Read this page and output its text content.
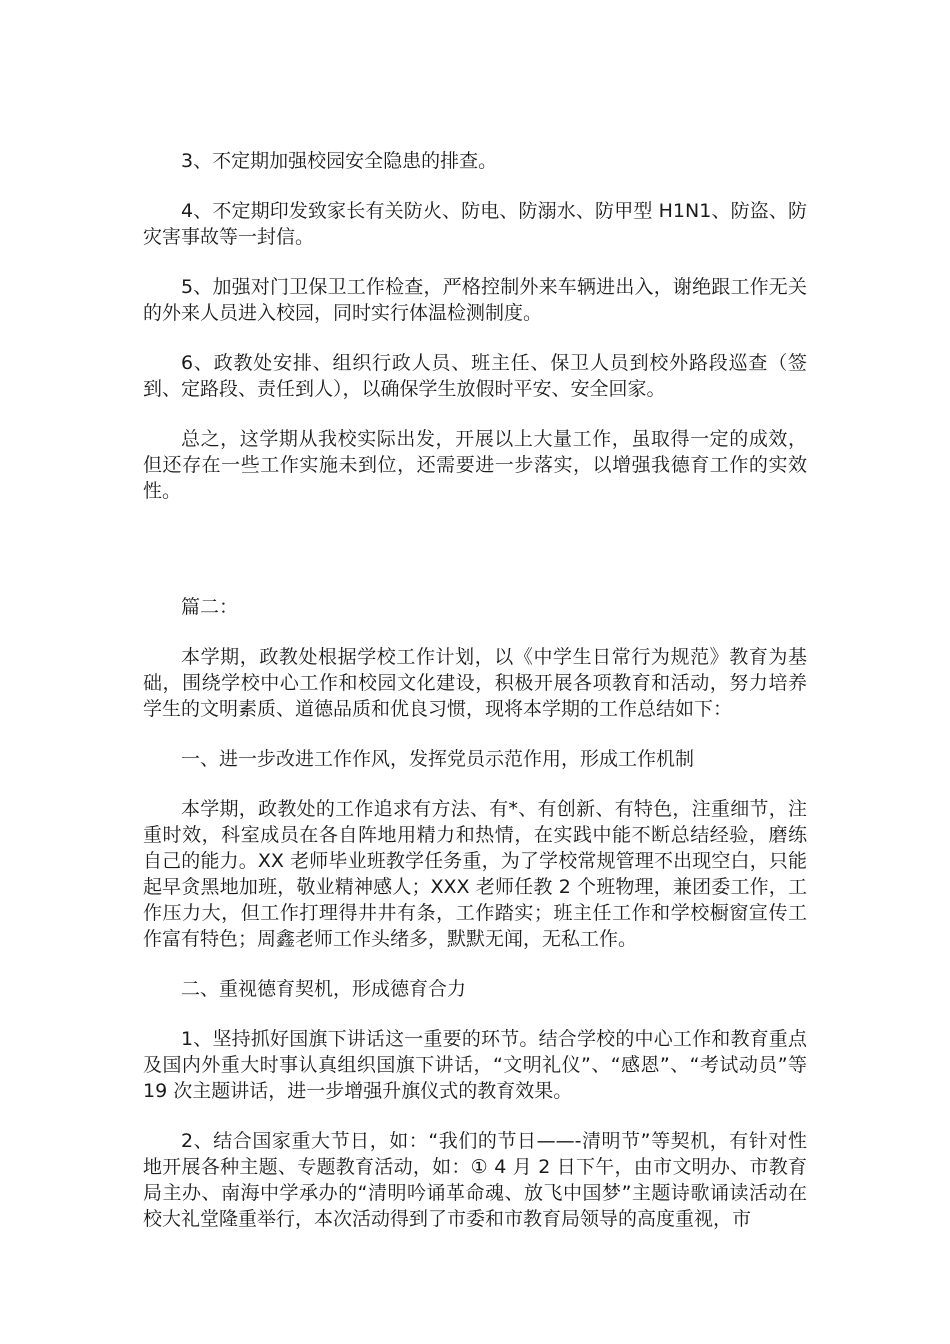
3、不定期加强校园安全隐患的排查。

4、不定期印发致家长有关防火、防电、防溺水、防甲型 H1N1、防盗、防灾害事故等一封信。

5、加强对门卫保卫工作检查，严格控制外来车辆进出入，谢绝跟工作无关的外来人员进入校园，同时实行体温检测制度。

6、政教处安排、组织行政人员、班主任、保卫人员到校外路段巡查（签到、定路段、责任到人），以确保学生放假时平安、安全回家。

总之，这学期从我校实际出发，开展以上大量工作，虽取得一定的成效，但还存在一些工作实施未到位，还需要进一步落实，以增强我德育工作的实效性。

篇二：

本学期，政教处根据学校工作计划，以《中学生日常行为规范》教育为基础，围绕学校中心工作和校园文化建设，积极开展各项教育和活动，努力培养学生的文明素质、道德品质和优良习惯，现将本学期的工作总结如下：

一、进一步改进工作作风，发挥党员示范作用，形成工作机制

本学期，政教处的工作追求有方法、有*、有创新、有特色，注重细节，注重时效，科室成员在各自阵地用精力和热情，在实践中能不断总结经验，磨练自己的能力。XX 老师毕业班教学任务重，为了学校常规管理不出现空白，只能起早贪黑地加班，敬业精神感人；XXX 老师任教 2 个班物理，兼团委工作，工作压力大，但工作打理得井井有条，工作踏实；班主任工作和学校橱窗宣传工作富有特色；周鑫老师工作头绪多，默默无闻，无私工作。

二、重视德育契机，形成德育合力

1、坚持抓好国旗下讲话这一重要的环节。结合学校的中心工作和教育重点及国内外重大时事认真组织国旗下讲话，“文明礼仪”、“感恩”、“考试动员”等 19 次主题讲话，进一步增强升旗仪式的教育效果。

2、结合国家重大节日，如：“我们的节日——-清明节”等契机，有针对性地开展各种主题、专题教育活动，如：① 4 月 2 日下午，由市文明办、市教育局主办、南海中学承办的“清明吟诵革命魂、放飞中国梦”主题诗歌诵读活动在校大礼堂隆重举行，本次活动得到了市委和市教育局领导的高度重视，市
